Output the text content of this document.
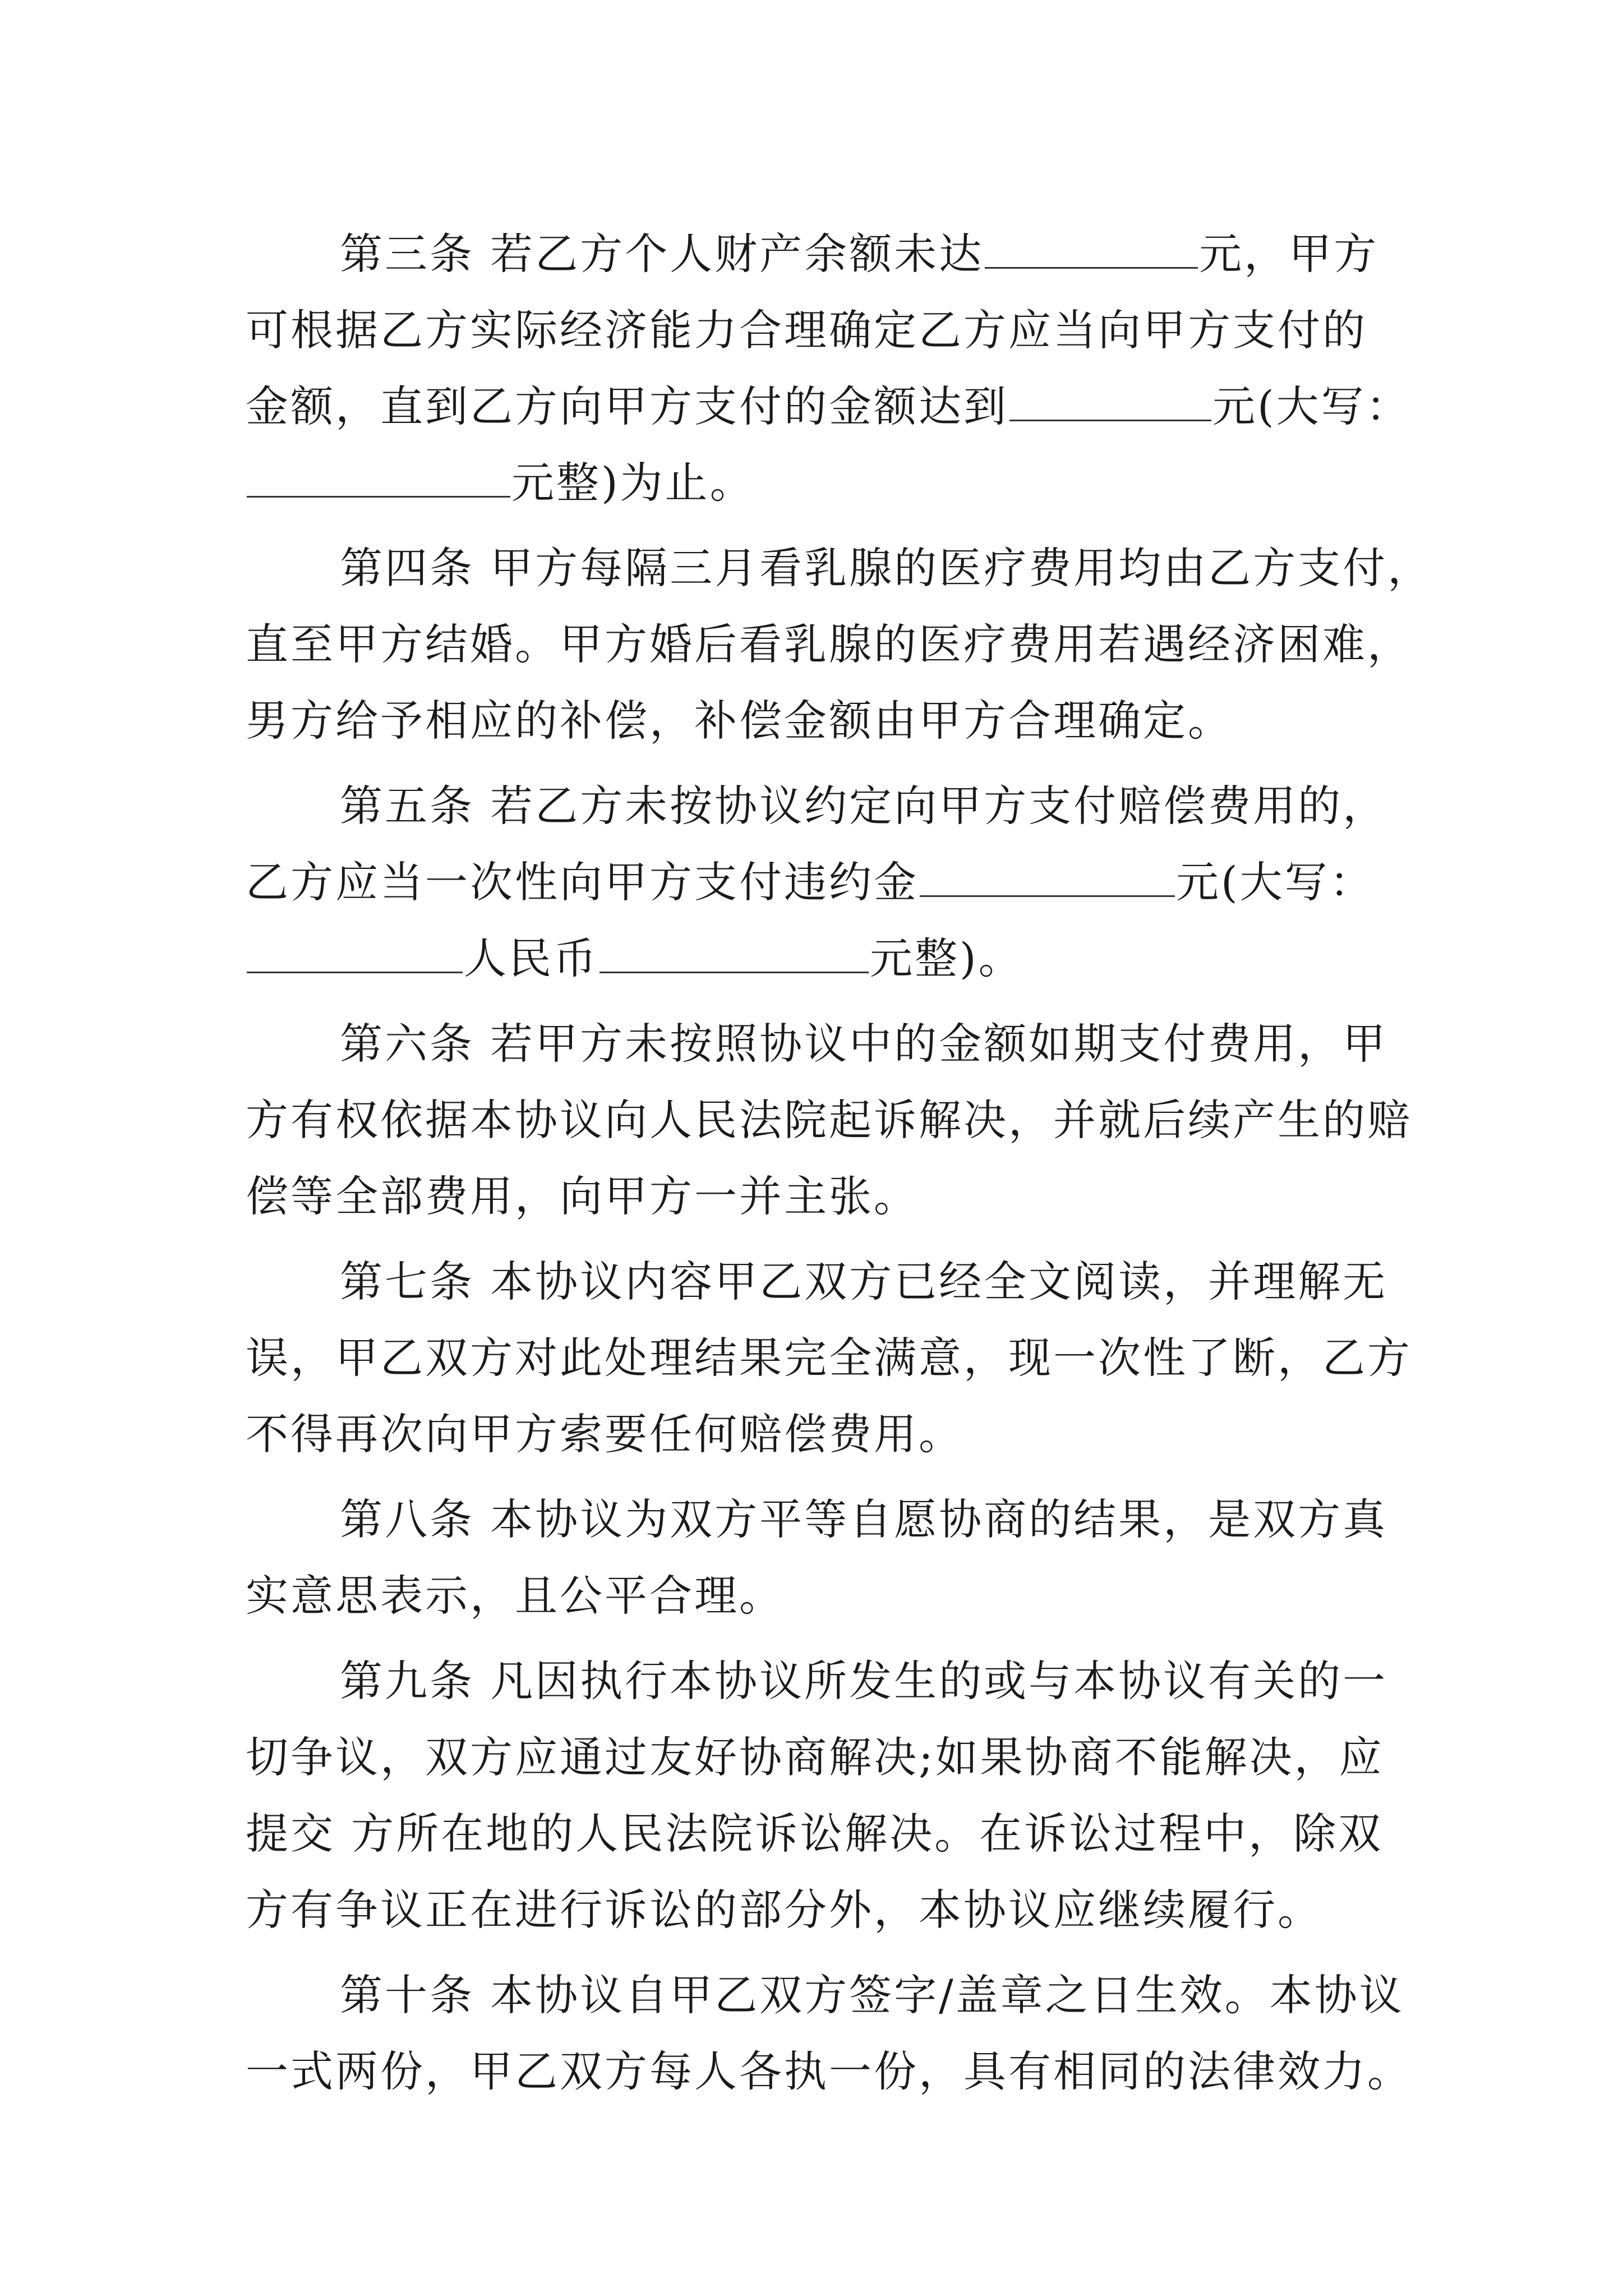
第三条 若乙方个人财产余额未达	元，甲方
可根据乙方实际经济能力合理确定乙方应当向甲方支付的
金额，直到乙方向甲方支付的金额达到	元(大写：
元整)为止。
第四条 甲方每隔三月看乳腺的医疗费用均由乙方支付，
直至甲方结婚。甲方婚后看乳腺的医疗费用若遇经济困难，
男方给予相应的补偿，补偿金额由甲方合理确定。
第五条 若乙方未按协议约定向甲方支付赔偿费用的，
乙方应当一次性向甲方支付违约金	元(大写：
人民币	元整)。
第六条 若甲方未按照协议中的金额如期支付费用，甲
方有权依据本协议向人民法院起诉解决，并就后续产生的赔
偿等全部费用，向甲方一并主张。
第七条 本协议内容甲乙双方已经全文阅读，并理解无
误，甲乙双方对此处理结果完全满意，现一次性了断，乙方
不得再次向甲方索要任何赔偿费用。
第八条 本协议为双方平等自愿协商的结果，是双方真
实意思表示，且公平合理。
第九条 凡因执行本协议所发生的或与本协议有关的一
切争议，双方应通过友好协商解决;如果协商不能解决，应
提交 方所在地的人民法院诉讼解决。在诉讼过程中，除双
方有争议正在进行诉讼的部分外，本协议应继续履行。
第十条 本协议自甲乙双方签字/盖章之日生效。本协议
一式两份，甲乙双方每人各执一份，具有相同的法律效力。
